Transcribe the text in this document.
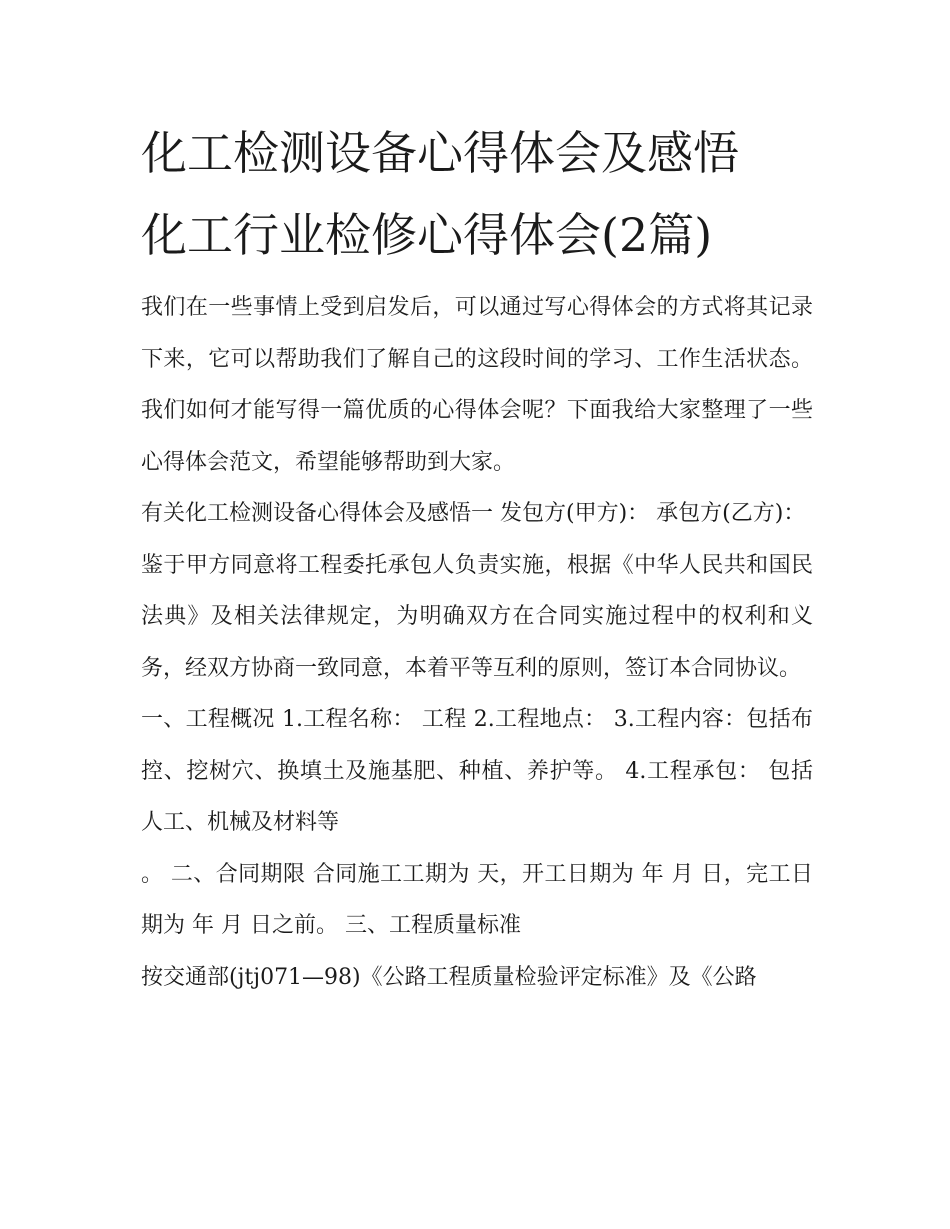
化工检测设备心得体会及感悟
化工行业检修心得体会(2篇)

我们在一些事情上受到启发后，可以通过写心得体会的方式将其记录下来，它可以帮助我们了解自己的这段时间的学习、工作生活状态。我们如何才能写得一篇优质的心得体会呢？下面我给大家整理了一些心得体会范文，希望能够帮助到大家。

有关化工检测设备心得体会及感悟一 发包方(甲方)： 承包方(乙方)：

鉴于甲方同意将工程委托承包人负责实施，根据《中华人民共和国民法典》及相关法律规定，为明确双方在合同实施过程中的权利和义务，经双方协商一致同意，本着平等互利的原则，签订本合同协议。

一、工程概况 1.工程名称： 工程 2.工程地点： 3.工程内容：包括布控、挖树穴、换填土及施基肥、种植、养护等。 4.工程承包： 包括人工、机械及材料等

。 二、合同期限 合同施工工期为 天，开工日期为 年 月 日，完工日期为 年 月 日之前。 三、工程质量标准

按交通部(jtj071—98)《公路工程质量检验评定标准》及《公路
